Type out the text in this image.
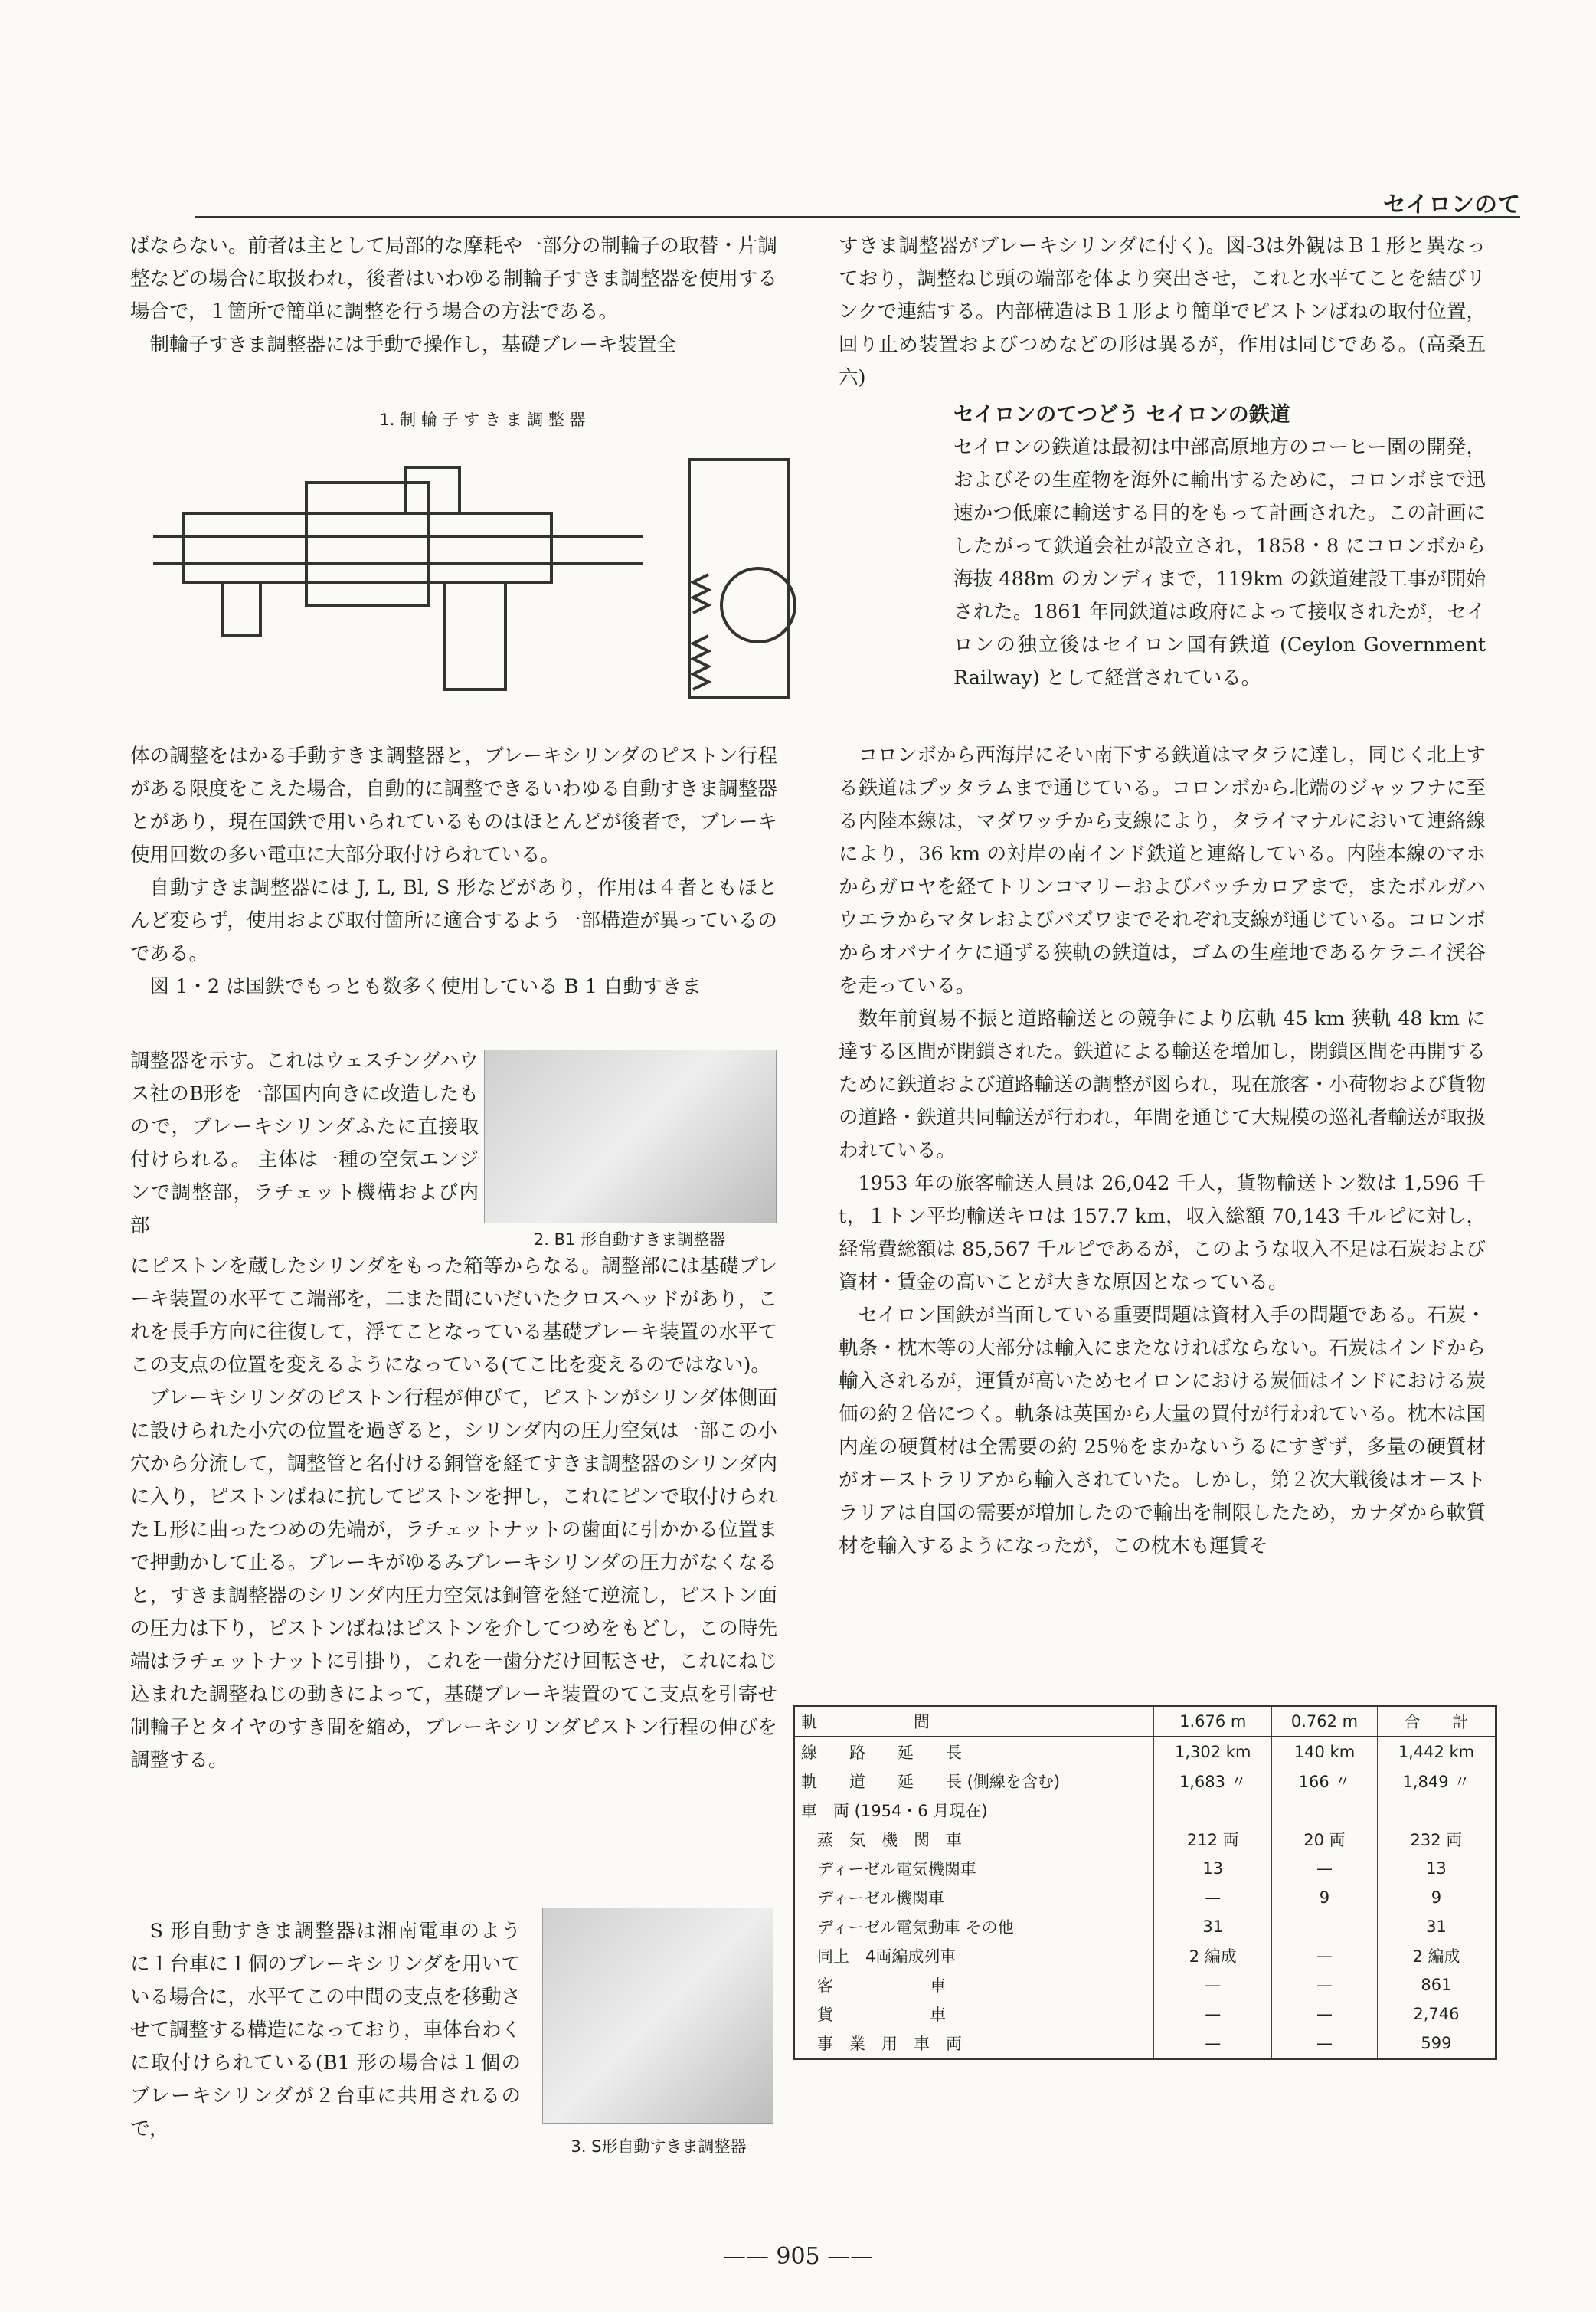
セイロンのて

ばならない。前者は主として局部的な摩耗や一部分の制輪子の取替・片調整などの場合に取扱われ，後者はいわゆる制輪子すきま調整器を使用する場合で，１箇所で簡単に調整を行う場合の方法である。

制輪子すきま調整器には手動で操作し，基礎ブレーキ装置全

1. 制 輪 子 す き ま 調 整 器

体の調整をはかる手動すきま調整器と，ブレーキシリンダのピストン行程がある限度をこえた場合，自動的に調整できるいわゆる自動すきま調整器とがあり，現在国鉄で用いられているものはほとんどが後者で，ブレーキ使用回数の多い電車に大部分取付けられている。

自動すきま調整器には J, L, Bl, S 形などがあり，作用は４者ともほとんど変らず，使用および取付箇所に適合するよう一部構造が異っているのである。

図 1・2 は国鉄でもっとも数多く使用している B 1 自動すきま

調整器を示す。これはウェスチングハウス社のB形を一部国内向きに改造したもので，ブレーキシリンダふたに直接取付けられる。 主体は一種の空気エンジンで調整部，ラチェット機構および内部

2. B1 形自動すきま調整器

にピストンを蔵したシリンダをもった箱等からなる。調整部には基礎ブレーキ装置の水平てこ端部を，二また間にいだいたクロスヘッドがあり，これを長手方向に往復して，浮てことなっている基礎ブレーキ装置の水平てこの支点の位置を変えるようになっている(てこ比を変えるのではない)。

ブレーキシリンダのピストン行程が伸びて，ピストンがシリンダ体側面に設けられた小穴の位置を過ぎると，シリンダ内の圧力空気は一部この小穴から分流して，調整管と名付ける銅管を経てすきま調整器のシリンダ内に入り，ピストンばねに抗してピストンを押し，これにピンで取付けられたＬ形に曲ったつめの先端が，ラチェットナットの歯面に引かかる位置まで押動かして止る。ブレーキがゆるみブレーキシリンダの圧力がなくなると，すきま調整器のシリンダ内圧力空気は銅管を経て逆流し，ピストン面の圧力は下り，ピストンばねはピストンを介してつめをもどし，この時先端はラチェットナットに引掛り，これを一歯分だけ回転させ，これにねじ込まれた調整ねじの動きによって，基礎ブレーキ装置のてこ支点を引寄せ制輪子とタイヤのすき間を縮め，ブレーキシリンダピストン行程の伸びを調整する。

S 形自動すきま調整器は湘南電車のように１台車に１個のブレーキシリンダを用いている場合に，水平てこの中間の支点を移動させて調整する構造になっており，車体台わくに取付けられている(B1 形の場合は１個のブレーキシリンダが２台車に共用されるので，

3. S形自動すきま調整器

すきま調整器がブレーキシリンダに付く)。図-3は外観はＢ１形と異なっており，調整ねじ頭の端部を体より突出させ，これと水平てことを結びリンクで連結する。内部構造はＢ１形より簡単でピストンばねの取付位置，回り止め装置およびつめなどの形は異るが，作用は同じである。(高桑五六)

セイロンのてつどう セイロンの鉄道

セイロンの鉄道は最初は中部高原地方のコーヒー園の開発，およびその生産物を海外に輸出するために，コロンボまで迅速かつ低廉に輸送する目的をもって計画された。この計画にしたがって鉄道会社が設立され，1858・8 にコロンボから海抜 488m のカンディまで，119km の鉄道建設工事が開始された。1861 年同鉄道は政府によって接収されたが，セイロンの独立後はセイロン国有鉄道 (Ceylon Government Railway) として経営されている。

コロンボから西海岸にそい南下する鉄道はマタラに達し，同じく北上する鉄道はプッタラムまで通じている。コロンボから北端のジャッフナに至る内陸本線は，マダワッチから支線により，タライマナルにおいて連絡線により，36 km の対岸の南インド鉄道と連絡している。内陸本線のマホからガロヤを経てトリンコマリーおよびバッチカロアまで，またボルガハウエラからマタレおよびバズワまでそれぞれ支線が通じている。コロンボからオバナイケに通ずる狭軌の鉄道は，ゴムの生産地であるケラニイ渓谷を走っている。

数年前貿易不振と道路輸送との競争により広軌 45 km 狭軌 48 km に達する区間が閉鎖された。鉄道による輸送を増加し，閉鎖区間を再開するために鉄道および道路輸送の調整が図られ，現在旅客・小荷物および貨物の道路・鉄道共同輸送が行われ，年間を通じて大規模の巡礼者輸送が取扱われている。

1953 年の旅客輸送人員は 26,042 千人，貨物輸送トン数は 1,596 千 t，１トン平均輸送キロは 157.7 km，収入総額 70,143 千ルピに対し，経常費総額は 85,567 千ルピであるが，このような収入不足は石炭および資材・賃金の高いことが大きな原因となっている。

セイロン国鉄が当面している重要問題は資材入手の問題である。石炭・軌条・枕木等の大部分は輸入にまたなければならない。石炭はインドから輸入されるが，運賃が高いためセイロンにおける炭価はインドにおける炭価の約２倍につく。軌条は英国から大量の買付が行われている。枕木は国内産の硬質材は全需要の約 25％をまかないうるにすぎず，多量の硬質材がオーストラリアから輸入されていた。しかし，第２次大戦後はオーストラリアは自国の需要が増加したので輸出を制限したため，カナダから軟質材を輸入するようになったが，この枕木も運賃そ

軌　　　　　　間	1.676 m	0.762 m	合　　計
線　　路　　延　　長	1,302 km	140 km	1,442 km
軌　　道　　延　　長 (側線を含む)	1,683 〃	166 〃	1,849 〃
車　両 (1954・6 月現在)			
　蒸　気　機　関　車	212 両	20 両	232 両
　ディーゼル電気機関車	13	—	13
　ディーゼル機関車	—	9	9
　ディーゼル電気動車 その他	31		31
　同上　4両編成列車	2 編成	—	2 編成
　客　　　　　　車	—	—	861
　貨　　　　　　車	—	—	2,746
　事　業　用　車　両	—	—	599
—— 905 ——
